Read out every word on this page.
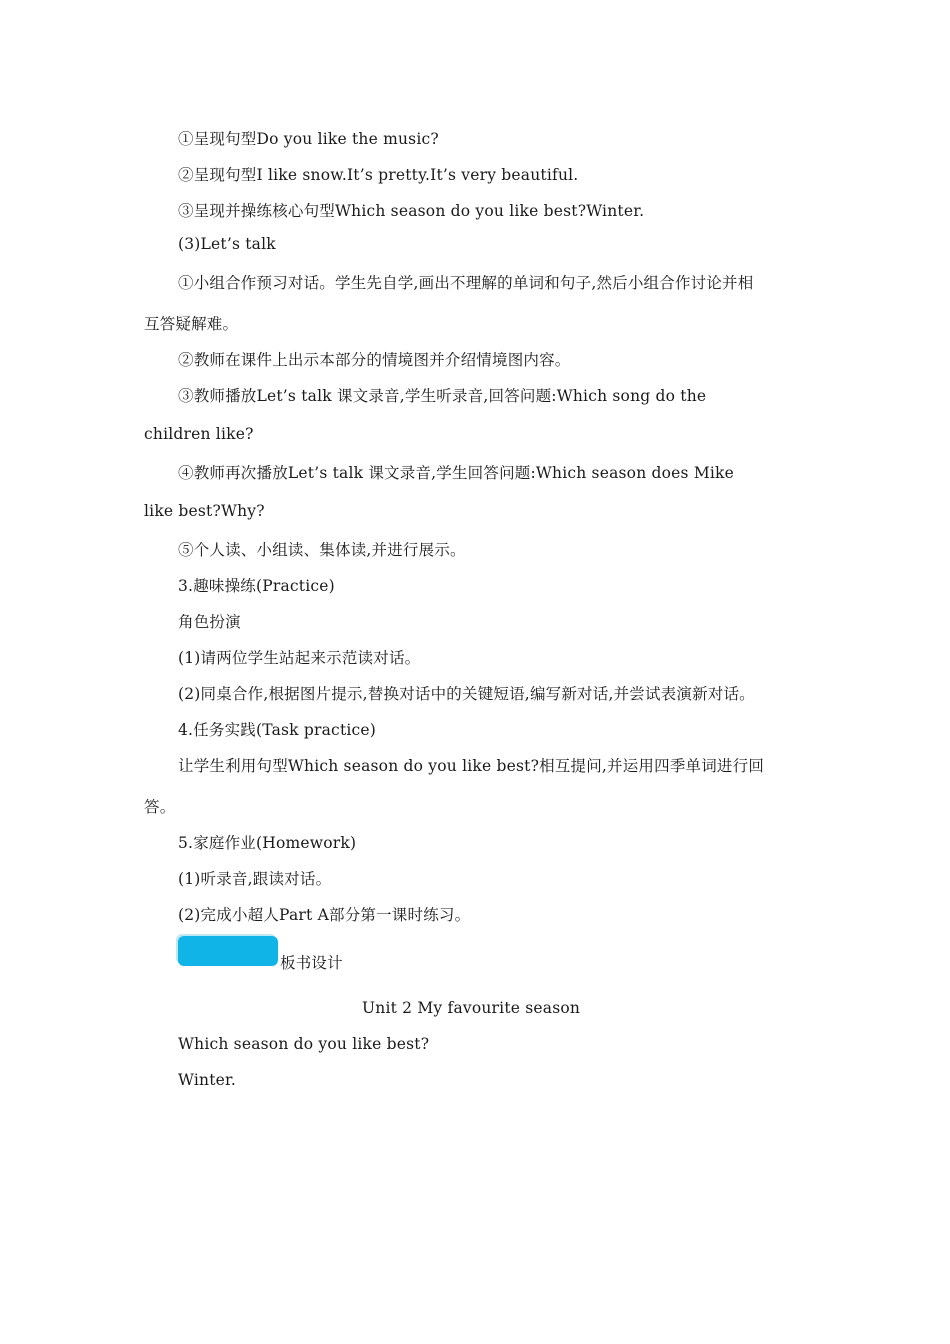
①呈现句型Do you like the music?
②呈现句型I like snow.It’s pretty.It’s very beautiful.
③呈现并操练核心句型Which season do you like best?Winter.
(3)Let’s talk
①小组合作预习对话。学生先自学,画出不理解的单词和句子,然后小组合作讨论并相
互答疑解难。
②教师在课件上出示本部分的情境图并介绍情境图内容。
③教师播放Let’s talk 课文录音,学生听录音,回答问题:Which song do the
children like?
④教师再次播放Let’s talk 课文录音,学生回答问题:Which season does Mike
like best?Why?
⑤个人读、小组读、集体读,并进行展示。
3.趣味操练(Practice)
角色扮演
(1)请两位学生站起来示范读对话。
(2)同桌合作,根据图片提示,替换对话中的关键短语,编写新对话,并尝试表演新对话。
4.任务实践(Task practice)
让学生利用句型Which season do you like best?相互提问,并运用四季单词进行回
答。
5.家庭作业(Homework)
(1)听录音,跟读对话。
(2)完成小超人Part A部分第一课时练习。
板书设计
Unit 2 My favourite season
Which season do you like best?
Winter.
